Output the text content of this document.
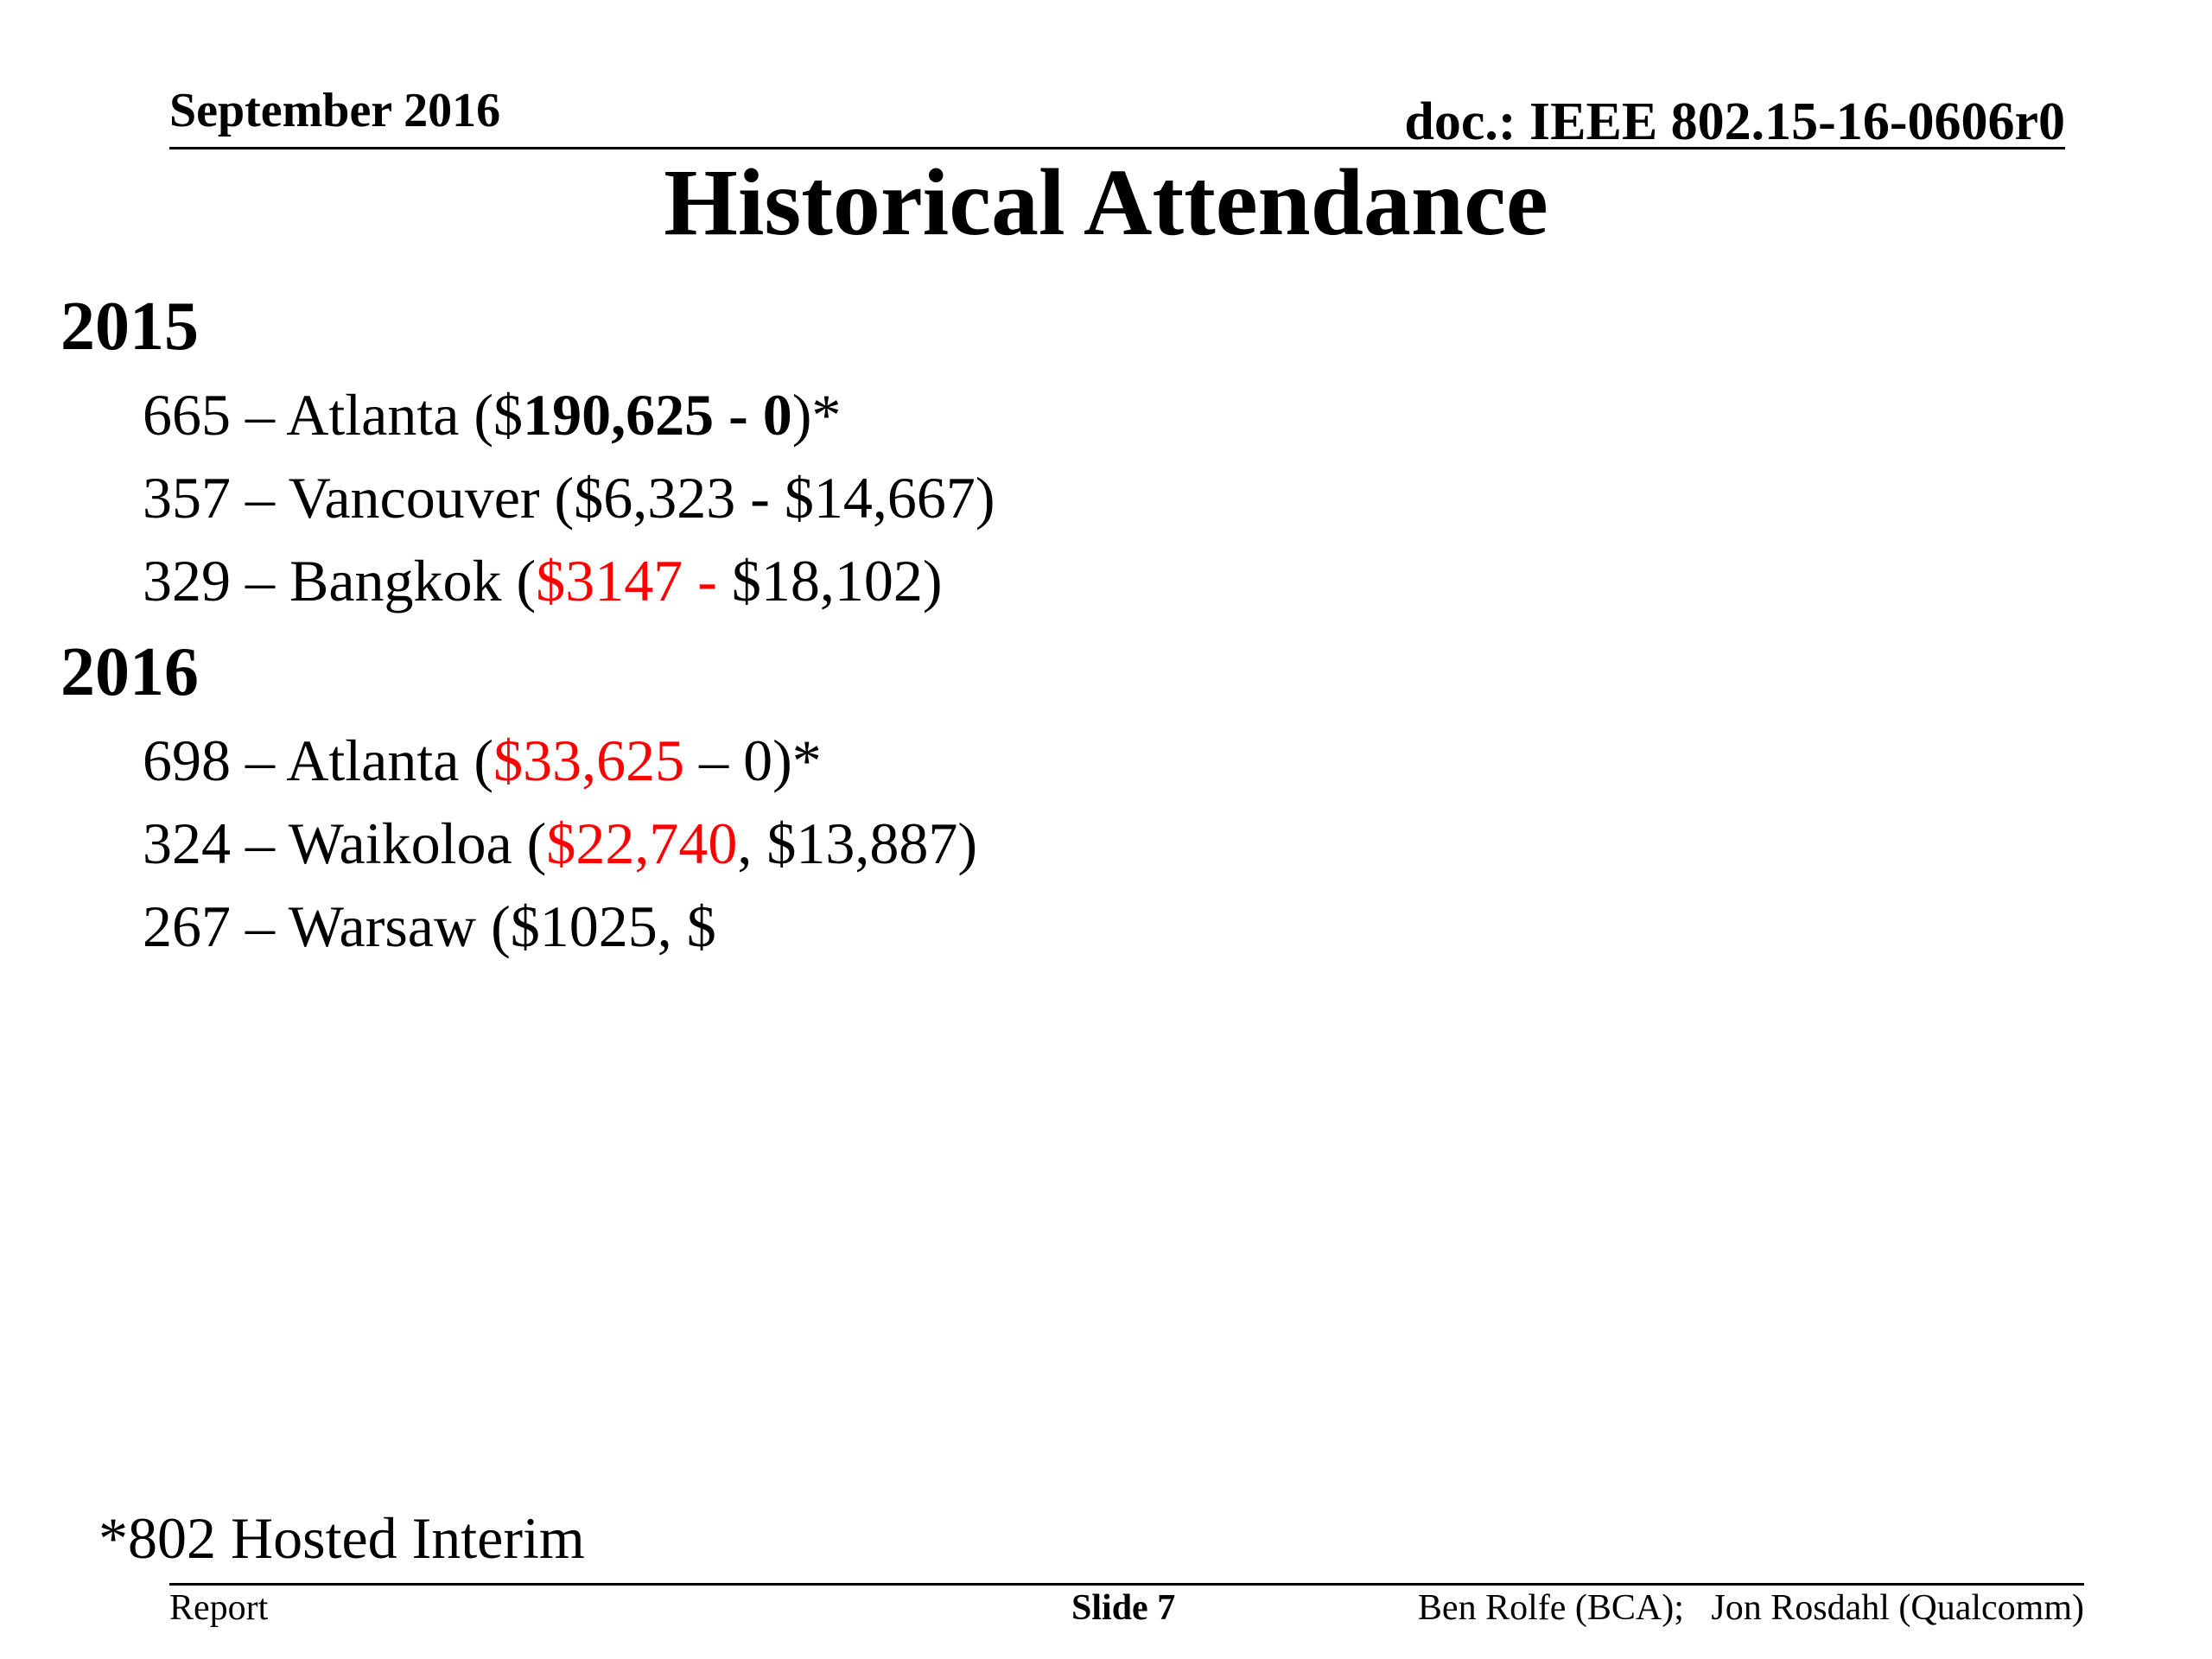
September 2016	doc.: IEEE 802.15-16-0606r0
Historical Attendance
2015
665 – Atlanta ($190,625 - 0)*
357 – Vancouver ($6,323 - $14,667)
329 – Bangkok ($3147 - $18,102)
2016
698 – Atlanta ($33,625 – 0)*
324 – Waikoloa ($22,740, $13,887)
267 – Warsaw ($1025, $
*802 Hosted Interim
Report	Slide 7	Ben Rolfe (BCA);   Jon Rosdahl (Qualcomm)
